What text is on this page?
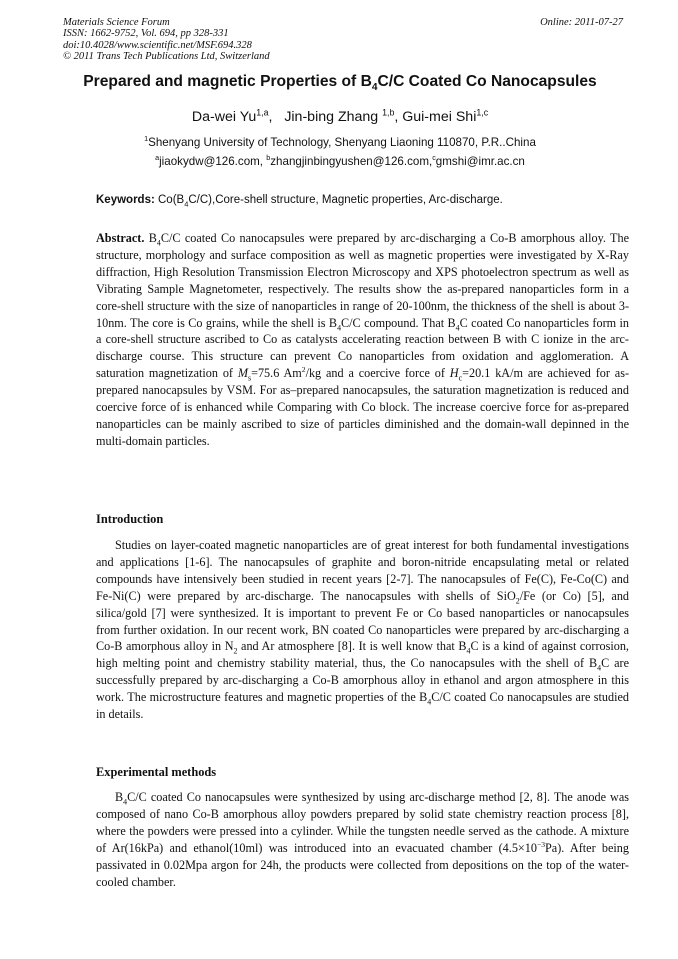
Materials Science Forum
ISSN: 1662-9752, Vol. 694, pp 328-331
doi:10.4028/www.scientific.net/MSF.694.328
© 2011 Trans Tech Publications Ltd, Switzerland
Online: 2011-07-27
Prepared and magnetic Properties of $B_4C/C$ Coated Co Nanocapsules
Da-wei Yu$^{1,a}$,   Jin-bing Zhang $^{1,b}$, Gui-mei Shi$^{1,c}$
$^1$Shenyang University of Technology, Shenyang Liaoning 110870, P.R..China
$^a$jiaokydw@126.com, $^b$zhangjinbingyushen@126.com,$^c$gmshi@imr.ac.cn
Keywords: $Co(B_4C/C),Core$-shell structure, Magnetic properties, Arc-discharge.
Abstract. $B_4C/C$ coated Co nanocapsules were prepared by arc-discharging a Co-B amorphous alloy. The structure, morphology and surface composition as well as magnetic properties were investigated by X-Ray diffraction, High Resolution Transmission Electron Microscopy and XPS photoelectron spectrum as well as Vibrating Sample Magnetometer, respectively. The results show the as-prepared nanoparticles form in a core-shell structure with the size of nanoparticles in range of 20-100nm, the thickness of the shell is about 3-10nm. The core is Co grains, while the shell is $B_4C/C$ compound. That $B_4C$ coated Co nanoparticles form in a core-shell structure ascribed to Co as catalysts accelerating reaction between B with C ionize in the arc-discharge course. This structure can prevent Co nanoparticles from oxidation and agglomeration. A saturation magnetization of $M_s=75.6$ Am$^2$/kg and a coercive force of $H_c=20.1$ kA/m are achieved for as-prepared nanocapsules by VSM. For as–prepared nanocapsules, the saturation magnetization is reduced and coercive force of is enhanced while Comparing with Co block. The increase coercive force for as-prepared nanoparticles can be mainly ascribed to size of particles diminished and the domain-wall depinned in the multi-domain particles.
Introduction
Studies on layer-coated magnetic nanoparticles are of great interest for both fundamental investigations and applications [1-6]. The nanocapsules of graphite and boron-nitride encapsulating metal or related compounds have intensively been studied in recent years [2-7]. The nanocapsules of Fe(C), Fe-Co(C) and Fe-Ni(C) were prepared by arc-discharge. The nanocapsules with shells of SiO$_2$/Fe (or Co) [5], and silica/gold [7] were synthesized. It is important to prevent Fe or Co based nanoparticles or nanocapsules from further oxidation. In our recent work, BN coated Co nanoparticles were prepared by arc-discharging a Co-B amorphous alloy in $N_2$ and Ar atmosphere [8]. It is well know that $B_4C$ is a kind of against corrosion, high melting point and chemistry stability material, thus, the Co nanocapsules with the shell of $B_4C$ are successfully prepared by arc-discharging a Co-B amorphous alloy in ethanol and argon atmosphere in this work. The microstructure features and magnetic properties of the $B_4C/C$ coated Co nanocapsules are studied in details.
Experimental methods
$B_4C/C$ coated Co nanocapsules were synthesized by using arc-discharge method [2, 8]. The anode was composed of nano Co-B amorphous alloy powders prepared by solid state chemistry reaction process [8], where the powders were pressed into a cylinder. While the tungsten needle served as the cathode. A mixture of Ar(16kPa) and ethanol(10ml) was introduced into an evacuated chamber $(4.5\times 10^{-3}Pa)$. After being passivated in 0.02Mpa argon for 24h, the products were collected from depositions on the top of the water-cooled chamber.
